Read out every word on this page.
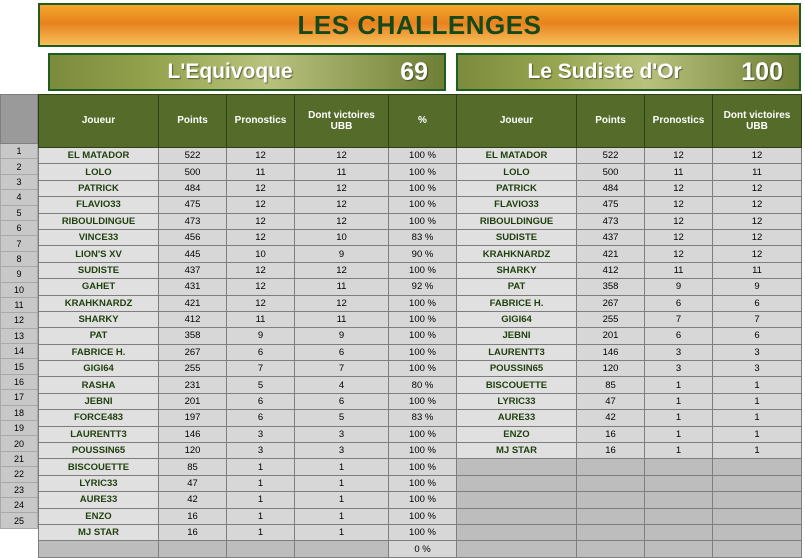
LES CHALLENGES
L'Equivoque	69	Le Sudiste d'Or	100
1
2
3
4
5
6
7
8
9
10
11
12
13
14
15
16
17
18
19
20
21
22
23
24
25
Joueur	Points	Pronostics	Dont victoires UBB	%
EL MATADOR	522	12	12	100 %
LOLO	500	11	11	100 %
PATRICK	484	12	12	100 %
FLAVIO33	475	12	12	100 %
RIBOULDINGUE	473	12	12	100 %
VINCE33	456	12	10	83 %
LION'S XV	445	10	9	90 %
SUDISTE	437	12	12	100 %
GAHET	431	12	11	92 %
KRAHKNARDZ	421	12	12	100 %
SHARKY	412	11	11	100 %
PAT	358	9	9	100 %
FABRICE H.	267	6	6	100 %
GIGI64	255	7	7	100 %
RASHA	231	5	4	80 %
JEBNI	201	6	6	100 %
FORCE483	197	6	5	83 %
LAURENTT3	146	3	3	100 %
POUSSIN65	120	3	3	100 %
BISCOUETTE	85	1	1	100 %
LYRIC33	47	1	1	100 %
AURE33	42	1	1	100 %
ENZO	16	1	1	100 %
MJ STAR	16	1	1	100 %
				0 %
Joueur	Points	Pronostics	Dont victoires UBB
EL MATADOR	522	12	12
LOLO	500	11	11
PATRICK	484	12	12
FLAVIO33	475	12	12
RIBOULDINGUE	473	12	12
SUDISTE	437	12	12
KRAHKNARDZ	421	12	12
SHARKY	412	11	11
PAT	358	9	9
FABRICE H.	267	6	6
GIGI64	255	7	7
JEBNI	201	6	6
LAURENTT3	146	3	3
POUSSIN65	120	3	3
BISCOUETTE	85	1	1
LYRIC33	47	1	1
AURE33	42	1	1
ENZO	16	1	1
MJ STAR	16	1	1
